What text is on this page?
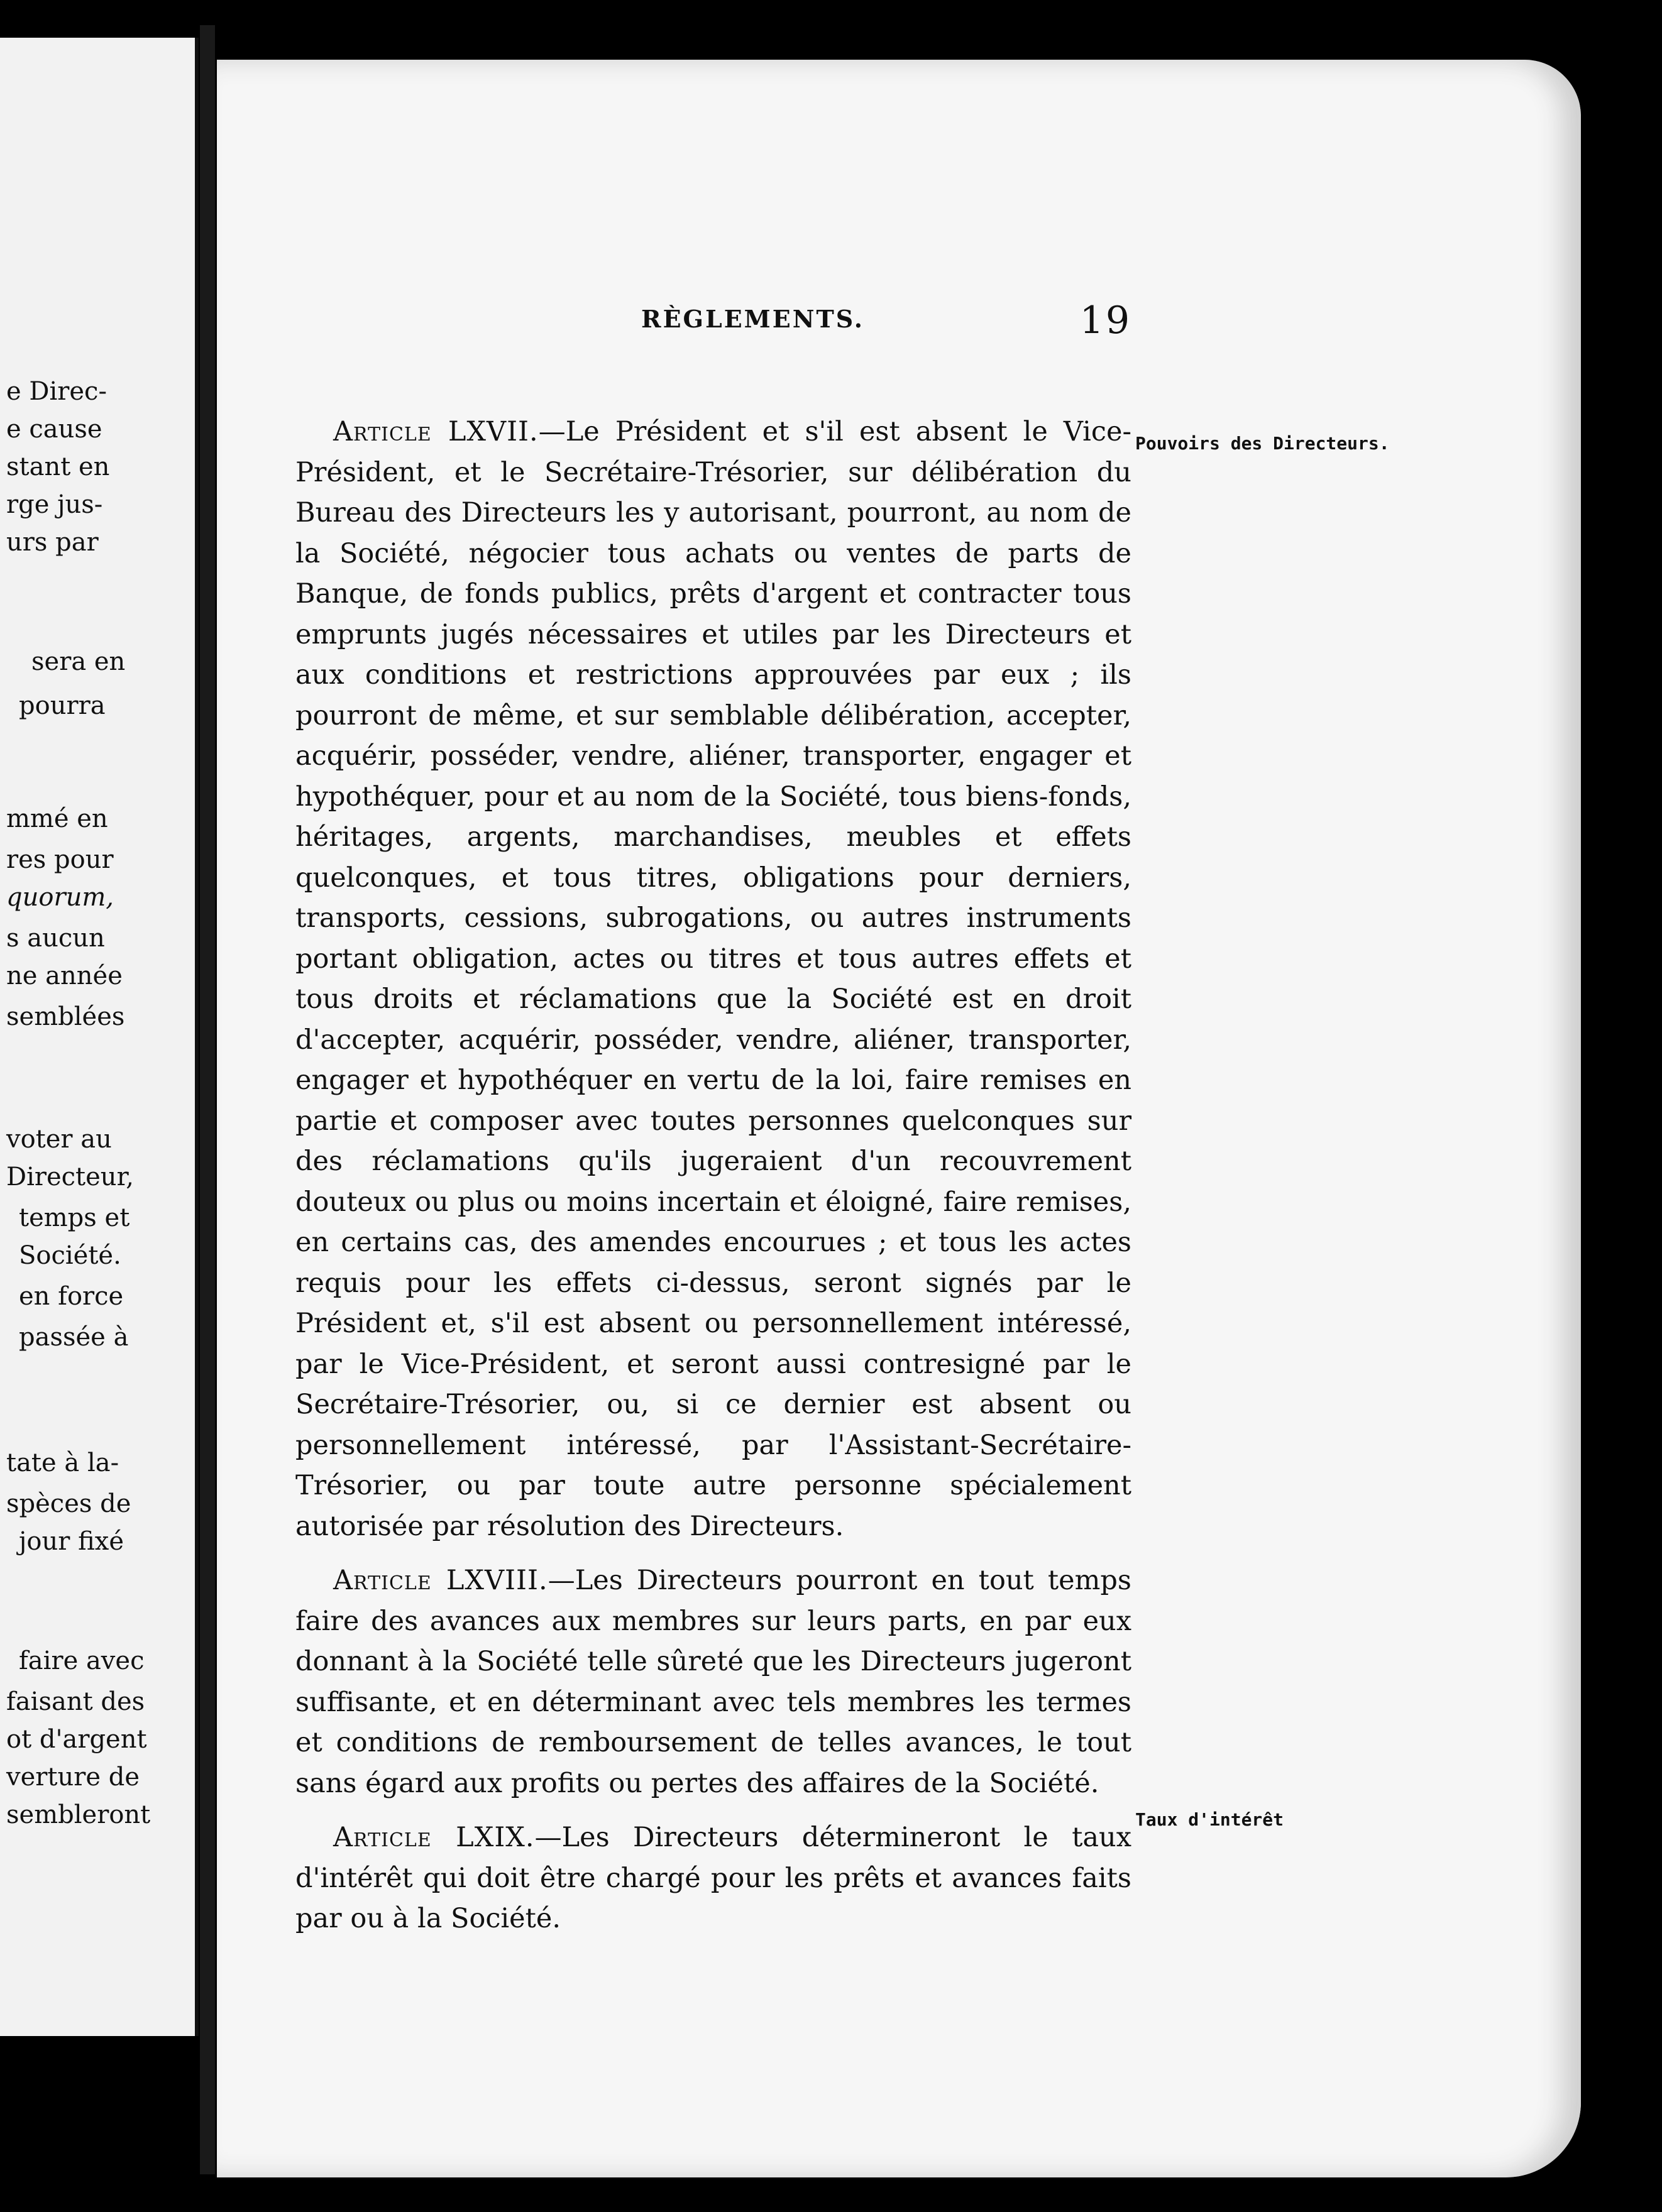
e Direc-
e cause
stant en
rge jus-
urs par
sera en
pourra
mmé en
res pour
quorum,
s aucun
ne année
semblées
voter au
Directeur,
temps et
Société.
en force
passée à
tate à la-
spèces de
jour fixé
faire avec
faisant des
ot d'argent
verture de
sembleront
RÈGLEMENTS.	19
Pouvoirs des Directeurs.
Taux d'intérêt

Article LXVII.—Le Président et s'il est absent le Vice-Président, et le Secrétaire-Trésorier, sur délibération du Bureau des Directeurs les y autorisant, pourront, au nom de la Société, négocier tous achats ou ventes de parts de Banque, de fonds publics, prêts d'argent et contracter tous emprunts jugés nécessaires et utiles par les Directeurs et aux conditions et restrictions approuvées par eux ; ils pourront de même, et sur semblable délibération, accepter, acquérir, posséder, vendre, aliéner, transporter, engager et hypothéquer, pour et au nom de la Société, tous biens-fonds, héritages, argents, marchandises, meubles et effets quelconques, et tous titres, obligations pour derniers, transports, cessions, subrogations, ou autres instruments portant obligation, actes ou titres et tous autres effets et tous droits et réclamations que la Société est en droit d'accepter, acquérir, posséder, vendre, aliéner, transporter, engager et hypothéquer en vertu de la loi, faire remises en partie et composer avec toutes personnes quelconques sur des réclamations qu'ils jugeraient d'un recouvrement douteux ou plus ou moins incertain et éloigné, faire remises, en certains cas, des amendes encourues ; et tous les actes requis pour les effets ci-dessus, seront signés par le Président et, s'il est absent ou personnellement intéressé, par le Vice-Président, et seront aussi contresigné par le Secrétaire-Trésorier, ou, si ce dernier est absent ou personnellement intéressé, par l'Assistant-Secrétaire-Trésorier, ou par toute autre personne spécialement autorisée par résolution des Directeurs.

Article LXVIII.—Les Directeurs pourront en tout temps faire des avances aux membres sur leurs parts, en par eux donnant à la Société telle sûreté que les Directeurs jugeront suffisante, et en déterminant avec tels membres les termes et conditions de remboursement de telles avances, le tout sans égard aux profits ou pertes des affaires de la Société.

Article LXIX.—Les Directeurs détermineront le taux d'intérêt qui doit être chargé pour les prêts et avances faits par ou à la Société.
